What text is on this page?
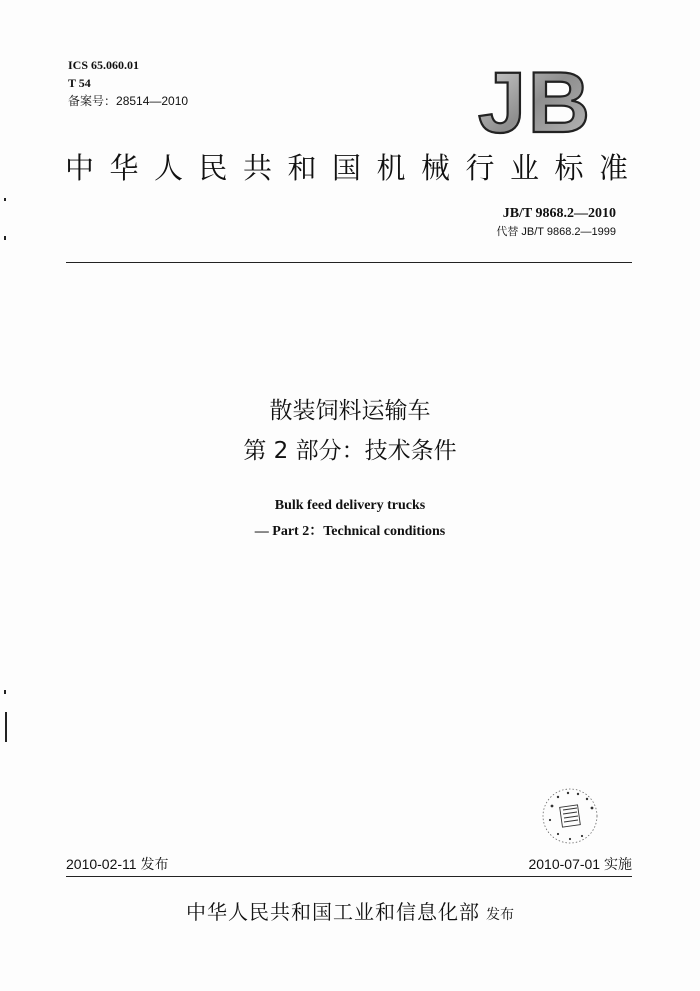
ICS 65.060.01
T 54
备案号：28514—2010	JB
中华人民共和国机械行业标准
JB/T 9868.2—2010
代替 JB/T 9868.2—1999
散装饲料运输车
第 2 部分：技术条件
Bulk feed delivery trucks
— Part 2：Technical conditions
2010-02-11 发布	2010-07-01 实施
中华人民共和国工业和信息化部 发布
